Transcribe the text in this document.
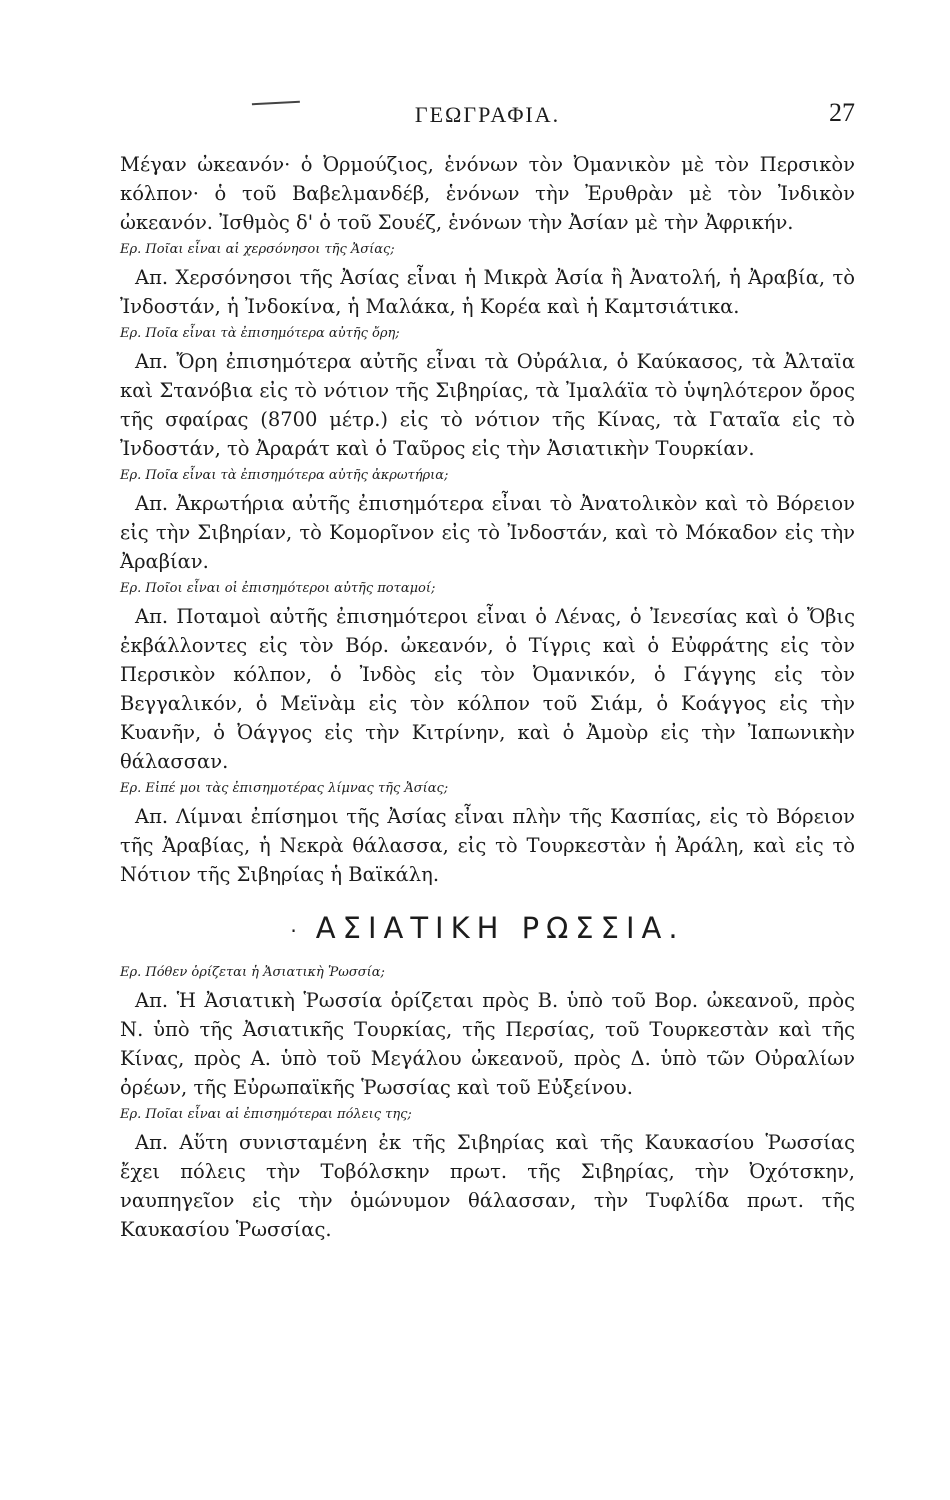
ΓΕΩΓΡΑΦΙΑ.	27

Μέγαν ὠκεανόν· ὁ Ὀρμούζιος, ἑνόνων τὸν Ὀμανικὸν μὲ τὸν Περσικὸν κόλπον· ὁ τοῦ Βαβελμανδέβ, ἑνόνων τὴν Ἐρυθρὰν μὲ τὸν Ἰνδικὸν ὠκεανόν. Ἰσθμὸς δ' ὁ τοῦ Σουέζ, ἑνόνων τὴν Ἀσίαν μὲ τὴν Ἀφρικήν.

Ερ. Ποῖαι εἶναι αἱ χερσόνησοι τῆς Ἀσίας;

Απ. Χερσόνησοι τῆς Ἀσίας εἶναι ἡ Μικρὰ Ἀσία ἢ Ἀνατολή, ἡ Ἀραβία, τὸ Ἰνδοστάν, ἡ Ἰνδοκίνα, ἡ Μαλάκα, ἡ Κορέα καὶ ἡ Καμτσιάτικα.

Ερ. Ποῖα εἶναι τὰ ἐπισημότερα αὐτῆς ὄρη;

Απ. Ὄρη ἐπισημότερα αὐτῆς εἶναι τὰ Οὐράλια, ὁ Καύκασος, τὰ Ἀλταϊα καὶ Στανόβια εἰς τὸ νότιον τῆς Σιβηρίας, τὰ Ἰμαλάϊα τὸ ὑψηλότερον ὄρος τῆς σφαίρας (8700 μέτρ.) εἰς τὸ νότιον τῆς Κίνας, τὰ Γαταῖα εἰς τὸ Ἰνδοστάν, τὸ Ἀραράτ καὶ ὁ Ταῦρος εἰς τὴν Ἀσιατικὴν Τουρκίαν.

Ερ. Ποῖα εἶναι τὰ ἐπισημότερα αὐτῆς ἀκρωτήρια;

Απ. Ἀκρωτήρια αὐτῆς ἐπισημότερα εἶναι τὸ Ἀνατολικὸν καὶ τὸ Βόρειον εἰς τὴν Σιβηρίαν, τὸ Κομορῖνον εἰς τὸ Ἰνδοστάν, καὶ τὸ Μόκαδον εἰς τὴν Ἀραβίαν.

Ερ. Ποῖοι εἶναι οἱ ἐπισημότεροι αὐτῆς ποταμοί;

Απ. Ποταμοὶ αὐτῆς ἐπισημότεροι εἶναι ὁ Λένας, ὁ Ἰενεσίας καὶ ὁ Ὄβις ἐκβάλλοντες εἰς τὸν Βόρ. ὠκεανόν, ὁ Τίγρις καὶ ὁ Εὐφράτης εἰς τὸν Περσικὸν κόλπον, ὁ Ἰνδὸς εἰς τὸν Ὀμανικόν, ὁ Γάγγης εἰς τὸν Βεγγαλικόν, ὁ Μεϊνὰμ εἰς τὸν κόλπον τοῦ Σιάμ, ὁ Κοάγγος εἰς τὴν Κυανῆν, ὁ Ὀάγγος εἰς τὴν Κιτρίνην, καὶ ὁ Ἀμοὺρ εἰς τὴν Ἰαπωνικὴν θάλασσαν.

Ερ. Εἰπέ μοι τὰς ἐπισημοτέρας λίμνας τῆς Ἀσίας;

Απ. Λίμναι ἐπίσημοι τῆς Ἀσίας εἶναι πλὴν τῆς Κασπίας, εἰς τὸ Βόρειον τῆς Ἀραβίας, ἡ Νεκρὰ θάλασσα, εἰς τὸ Τουρκεστὰν ἡ Ἀράλη, καὶ εἰς τὸ Νότιον τῆς Σιβηρίας ἡ Βαϊκάλη.

· ΑΣΙΑΤΙΚΗ ΡΩΣΣΙΑ.

Ερ. Πόθεν ὁρίζεται ἡ Ἀσιατικὴ Ῥωσσία;

Απ. Ἡ Ἀσιατικὴ Ῥωσσία ὁρίζεται πρὸς Β. ὑπὸ τοῦ Βορ. ὠκεανοῦ, πρὸς Ν. ὑπὸ τῆς Ἀσιατικῆς Τουρκίας, τῆς Περσίας, τοῦ Τουρκεστὰν καὶ τῆς Κίνας, πρὸς Α. ὑπὸ τοῦ Μεγάλου ὠκεανοῦ, πρὸς Δ. ὑπὸ τῶν Οὐραλίων ὀρέων, τῆς Εὐρωπαϊκῆς Ῥωσσίας καὶ τοῦ Εὐξείνου.

Ερ. Ποῖαι εἶναι αἱ ἐπισημότεραι πόλεις της;

Απ. Αὕτη συνισταμένη ἐκ τῆς Σιβηρίας καὶ τῆς Καυκασίου Ῥωσσίας ἔχει πόλεις τὴν Τοβόλσκην πρωτ. τῆς Σιβηρίας, τὴν Ὀχότσκην, ναυπηγεῖον εἰς τὴν ὁμώνυμον θάλασσαν, τὴν Τυφλίδα πρωτ. τῆς Καυκασίου Ῥωσσίας.
